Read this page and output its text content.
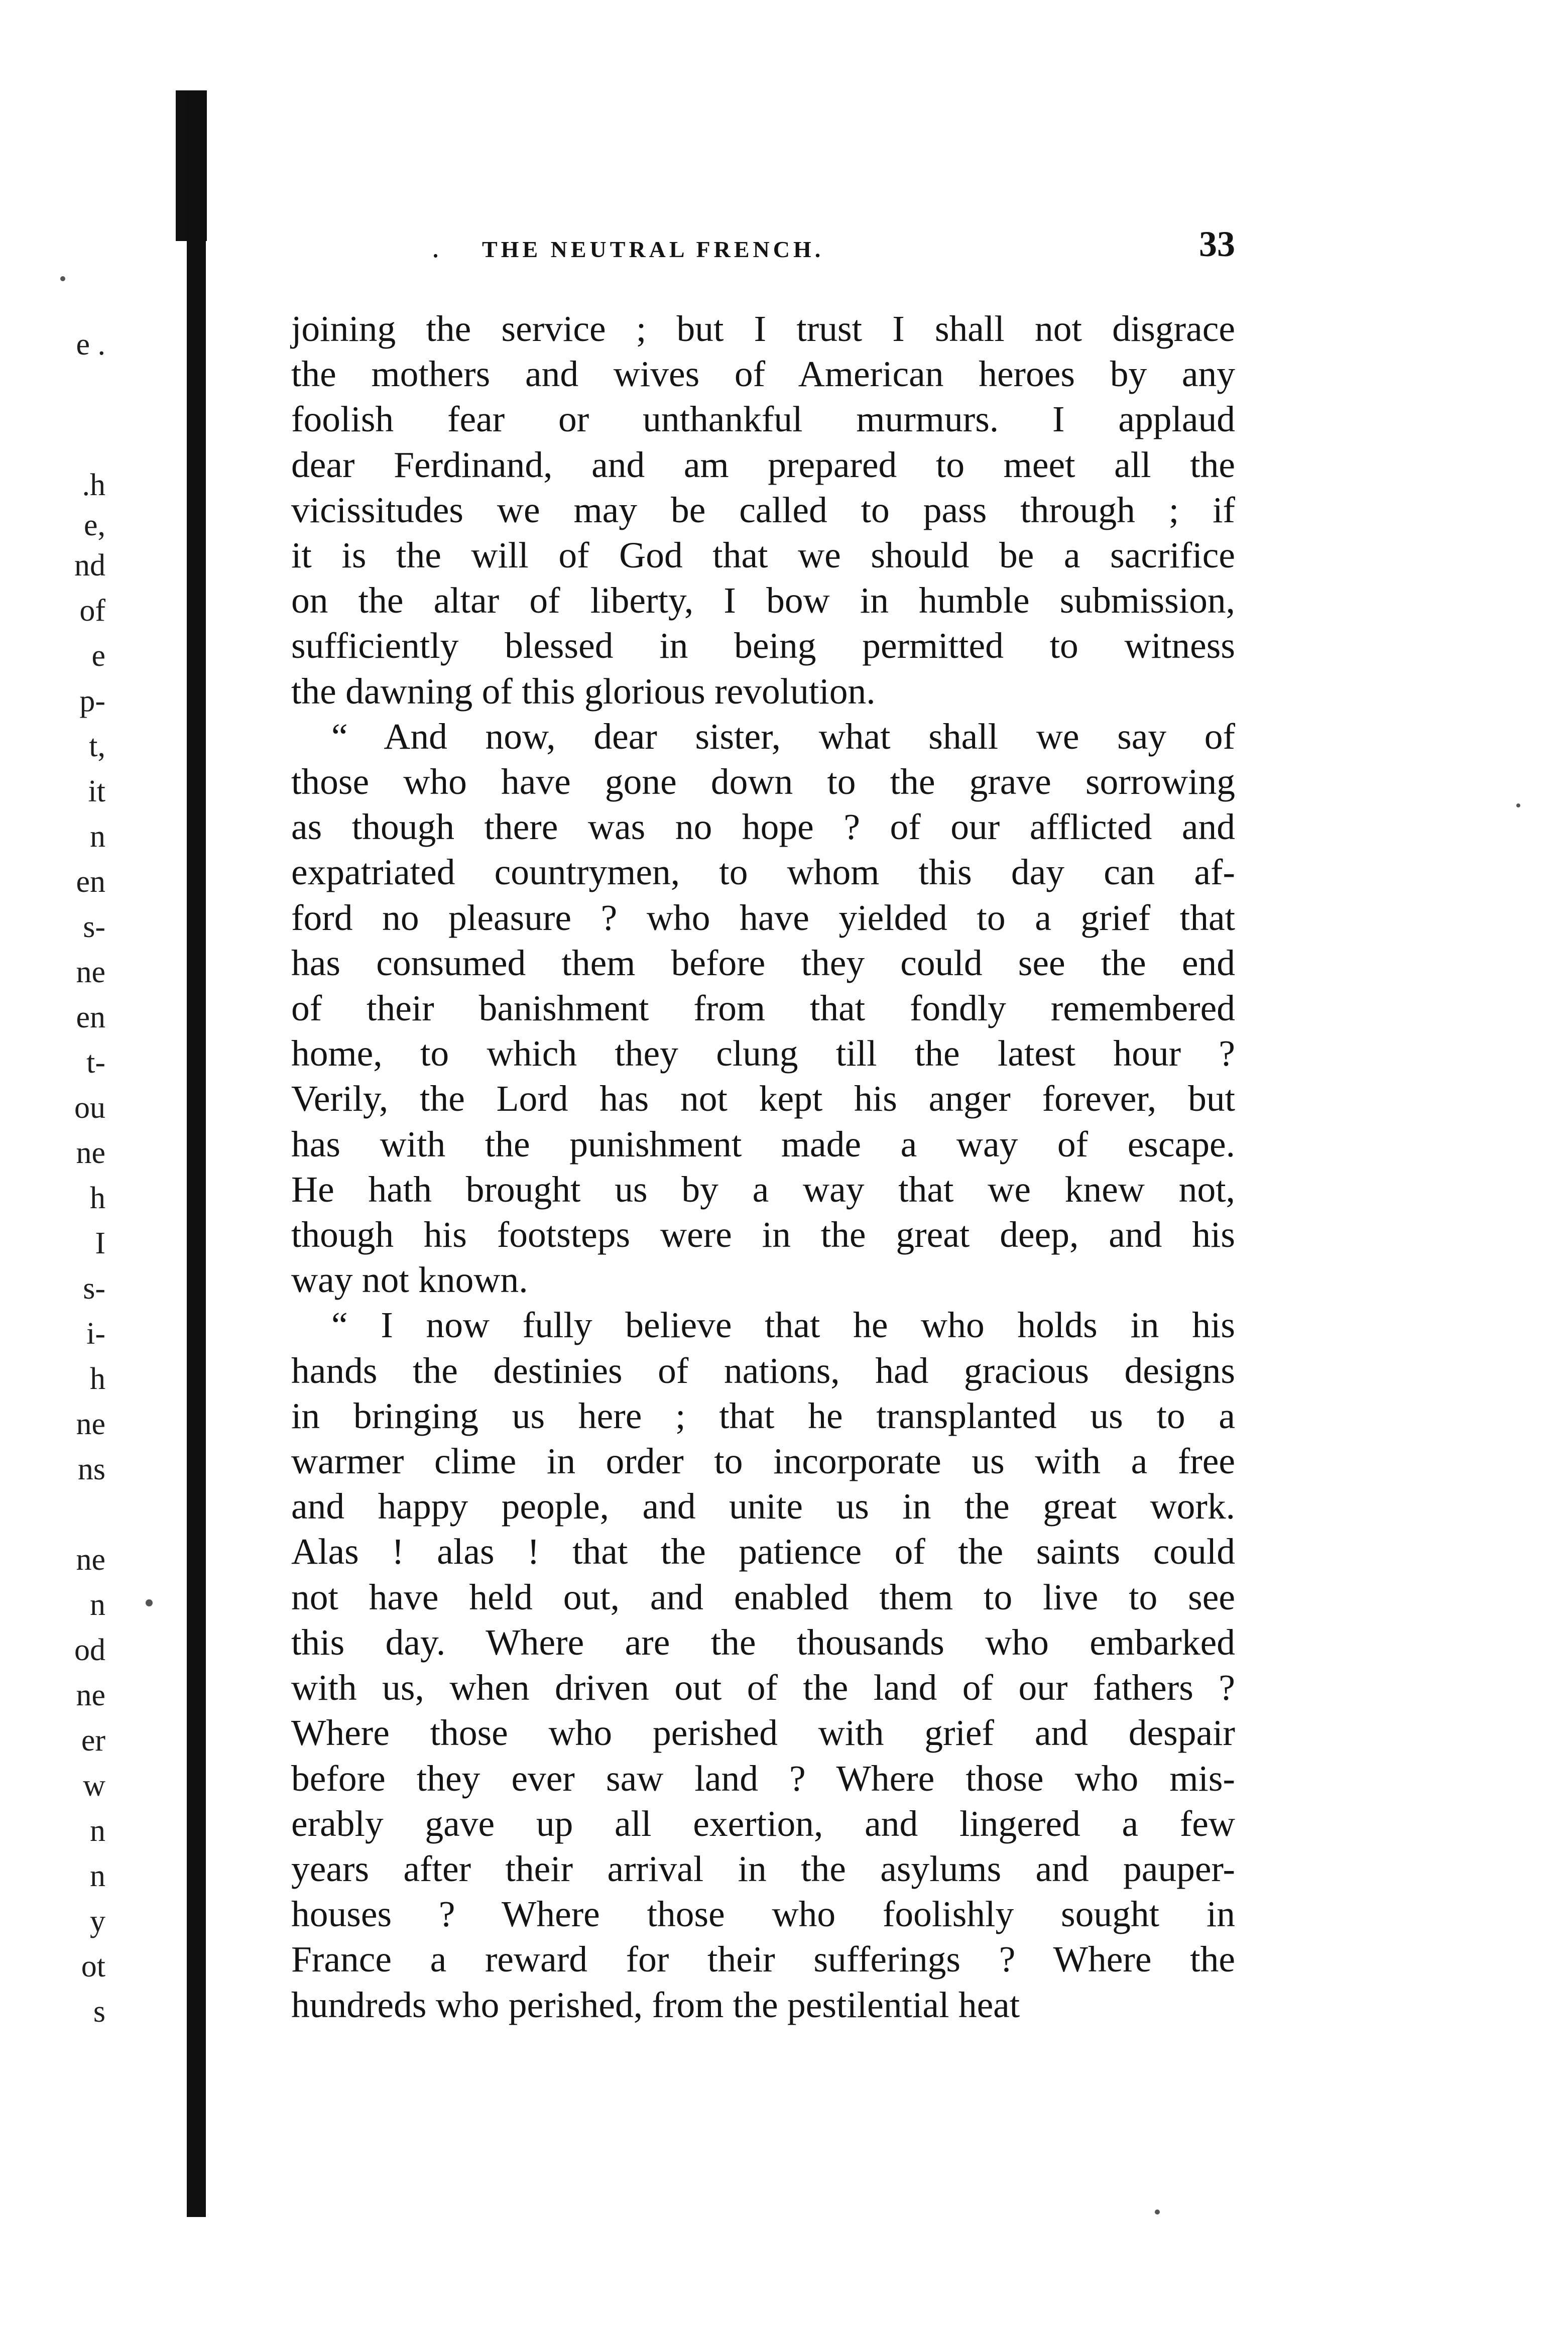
e .
.h
e,
nd
of
e
p-
t,
it
n
en
s-
ne
en
t-
ou
ne
h
I
s-
i-
h
ne
ns
ne
n
od
ne
er
w
n
n
y
ot
s
. THE NEUTRAL FRENCH.	33
joining the service ; but I trust I shall not disgrace
the mothers and wives of American heroes by any
foolish fear or unthankful murmurs. I applaud
dear Ferdinand, and am prepared to meet all the
vicissitudes we may be called to pass through ; if
it is the will of God that we should be a sacrifice
on the altar of liberty, I bow in humble submission,
sufficiently blessed in being permitted to witness
the dawning of this glorious revolution.
“ And now, dear sister, what shall we say of
those who have gone down to the grave sorrowing
as though there was no hope ? of our afflicted and
expatriated countrymen, to whom this day can af-
ford no pleasure ? who have yielded to a grief that
has consumed them before they could see the end
of their banishment from that fondly remembered
home, to which they clung till the latest hour ?
Verily, the Lord has not kept his anger forever, but
has with the punishment made a way of escape.
He hath brought us by a way that we knew not,
though his footsteps were in the great deep, and his
way not known.
“ I now fully believe that he who holds in his
hands the destinies of nations, had gracious designs
in bringing us here ; that he transplanted us to a
warmer clime in order to incorporate us with a free
and happy people, and unite us in the great work.
Alas ! alas ! that the patience of the saints could
not have held out, and enabled them to live to see
this day. Where are the thousands who embarked
with us, when driven out of the land of our fathers ?
Where those who perished with grief and despair
before they ever saw land ? Where those who mis-
erably gave up all exertion, and lingered a few
years after their arrival in the asylums and pauper-
houses ? Where those who foolishly sought in
France a reward for their sufferings ? Where the
hundreds who perished, from the pestilential heat
